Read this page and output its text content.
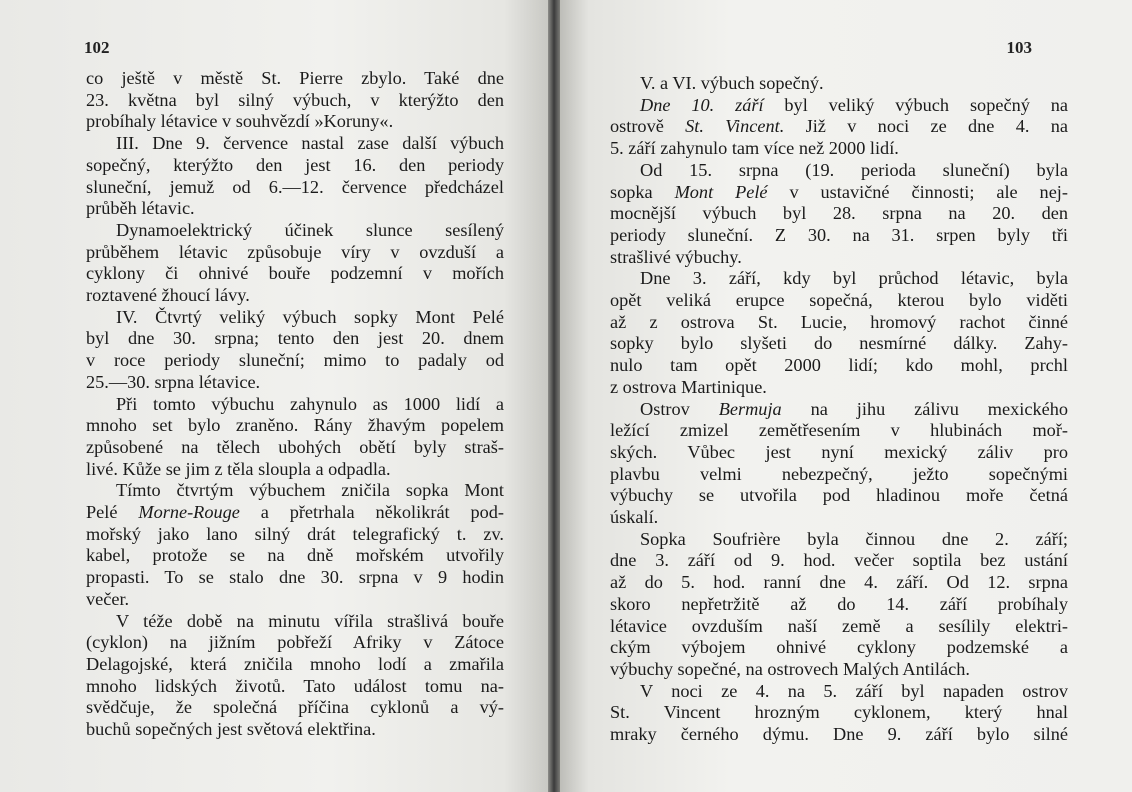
102
co ještě v městě St. Pierre zbylo. Také dne
23. května byl silný výbuch, v kterýžto den
probíhaly létavice v souhvězdí »Koruny«.
III. Dne 9. července nastal zase další výbuch
sopečný, kterýžto den jest 16. den periody
sluneční, jemuž od 6.—12. července předcházel
průběh létavic.
Dynamoelektrický účinek slunce sesílený
průběhem létavic způsobuje víry v ovzduší a
cyklony či ohnivé bouře podzemní v mořích
roztavené žhoucí lávy.
IV. Čtvrtý veliký výbuch sopky Mont Pelé
byl dne 30. srpna; tento den jest 20. dnem
v roce periody sluneční; mimo to padaly od
25.—30. srpna létavice.
Při tomto výbuchu zahynulo as 1000 lidí a
mnoho set bylo zraněno. Rány žhavým popelem
způsobené na tělech ubohých obětí byly straš-
livé. Kůže se jim z těla sloupla a odpadla.
Tímto čtvrtým výbuchem zničila sopka Mont
Pelé Morne-Rouge a přetrhala několikrát pod-
mořský jako lano silný drát telegrafický t. zv.
kabel, protože se na dně mořském utvořily
propasti. To se stalo dne 30. srpna v 9 hodin
večer.
V téže době na minutu vířila strašlivá bouře
(cyklon) na jižním pobřeží Afriky v Zátoce
Delagojské, která zničila mnoho lodí a zmařila
mnoho lidských životů. Tato událost tomu na-
svědčuje, že společná příčina cyklonů a vý-
buchů sopečných jest světová elektřina.
103
V. a VI. výbuch sopečný.
Dne 10. září byl veliký výbuch sopečný na
ostrově St. Vincent. Již v noci ze dne 4. na
5. září zahynulo tam více než 2000 lidí.
Od 15. srpna (19. perioda sluneční) byla
sopka Mont Pelé v ustavičné činnosti; ale nej-
mocnější výbuch byl 28. srpna na 20. den
periody sluneční. Z 30. na 31. srpen byly tři
strašlivé výbuchy.
Dne 3. září, kdy byl průchod létavic, byla
opět veliká erupce sopečná, kterou bylo viděti
až z ostrova St. Lucie, hromový rachot činné
sopky bylo slyšeti do nesmírné dálky. Zahy-
nulo tam opět 2000 lidí; kdo mohl, prchl
z ostrova Martinique.
Ostrov Bermuja na jihu zálivu mexického
ležící zmizel zemětřesením v hlubinách moř-
ských. Vůbec jest nyní mexický záliv pro
plavbu velmi nebezpečný, ježto sopečnými
výbuchy se utvořila pod hladinou moře četná
úskalí.
Sopka Soufrière byla činnou dne 2. září;
dne 3. září od 9. hod. večer soptila bez ustání
až do 5. hod. ranní dne 4. září. Od 12. srpna
skoro nepřetržitě až do 14. září probíhaly
létavice ovzduším naší země a sesílily elektri-
ckým výbojem ohnivé cyklony podzemské a
výbuchy sopečné, na ostrovech Malých Antilách.
V noci ze 4. na 5. září byl napaden ostrov
St. Vincent hrozným cyklonem, který hnal
mraky černého dýmu. Dne 9. září bylo silné
